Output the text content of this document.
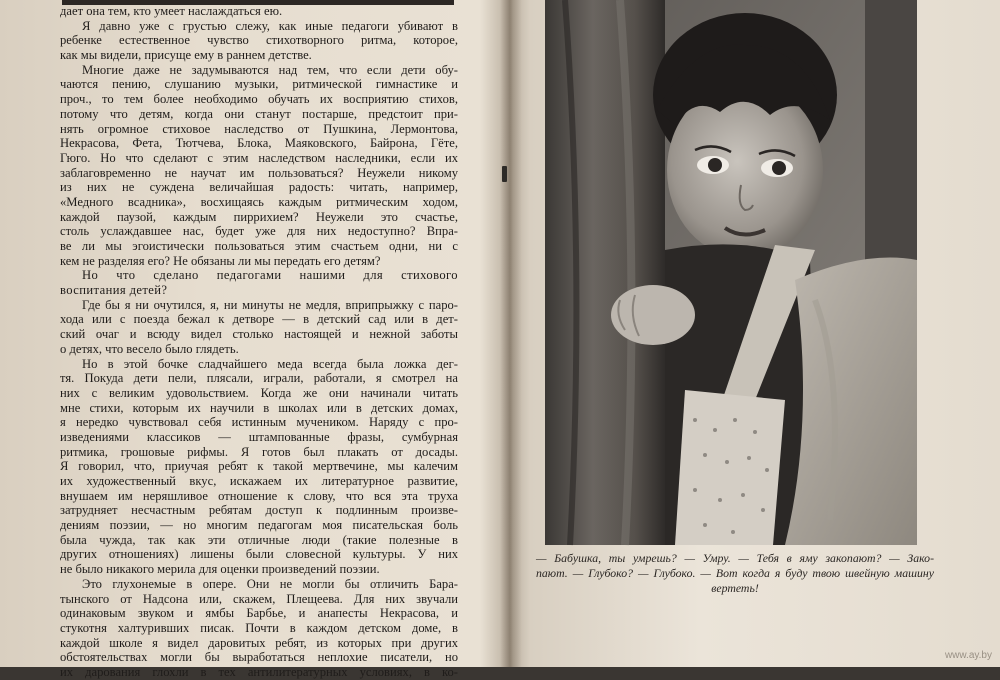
дает она тем, кто умеет наслаждаться ею.
Я давно уже с грустью слежу, как иные педагоги убивают в
ребенке естественное чувство стихотворного ритма, которое,
как мы видели, присуще ему в раннем детстве.
Многие даже не задумываются над тем, что если дети обу-
чаются пению, слушанию музыки, ритмической гимнастике и
проч., то тем более необходимо обучать их восприятию стихов,
потому что детям, когда они станут постарше, предстоит при-
нять огромное стиховое наследство от Пушкина, Лермонтова,
Некрасова, Фета, Тютчева, Блока, Маяковского, Байрона, Гёте,
Гюго. Но что сделают с этим наследством наследники, если их
заблаговременно не научат им пользоваться? Неужели никому
из них не суждена величайшая радость: читать, например,
«Медного всадника», восхищаясь каждым ритмическим ходом,
каждой паузой, каждым пиррихием? Неужели это счастье,
столь услаждавшее нас, будет уже для них недоступно? Впра-
ве ли мы эгоистически пользоваться этим счастьем одни, ни с
кем не разделяя его? Не обязаны ли мы передать его детям?
Но что сделано педагогами нашими для стихового
воспитания детей?
Где бы я ни очутился, я, ни минуты не медля, вприпрыжку с паро-
хода или с поезда бежал к детворе — в детский сад или в дет-
ский очаг и всюду видел столько настоящей и нежной заботы
о детях, что весело было глядеть.
Но в этой бочке сладчайшего меда всегда была ложка дег-
тя. Покуда дети пели, плясали, играли, работали, я смотрел на
них с великим удовольствием. Когда же они начинали читать
мне стихи, которым их научили в школах или в детских домах,
я нередко чувствовал себя истинным мучеником. Наряду с про-
изведениями классиков — штампованные фразы, сумбурная
ритмика, грошовые рифмы. Я готов был плакать от досады.
Я говорил, что, приучая ребят к такой мертвечине, мы калечим
их художественный вкус, искажаем их литературное развитие,
внушаем им неряшливое отношение к слову, что вся эта труха
затрудняет несчастным ребятам доступ к подлинным произве-
дениям поэзии, — но многим педагогам моя писательская боль
была чужда, так как эти отличные люди (такие полезные в
других отношениях) лишены были словесной культуры. У них
не было никакого мерила для оценки произведений поэзии.
Это глухонемые в опере. Они не могли бы отличить Бара-
тынского от Надсона или, скажем, Плещеева. Для них звучали
одинаковым звуком и ямбы Барбье, и анапесты Некрасова, и
стукотня халтуривших писак. Почти в каждом детском доме, в
каждой школе я видел даровитых ребят, из которых при других
обстоятельствах могли бы выработаться неплохие писатели, но
их дарования глохли в тех антилитературных условиях, в ко-
— Бабушка, ты умрешь? — Умру. — Тебя в яму закопают? — Зако-
пают. — Глубоко? — Глубоко. — Вот когда я буду твою швейную машину
вертеть!
www.ay.by
